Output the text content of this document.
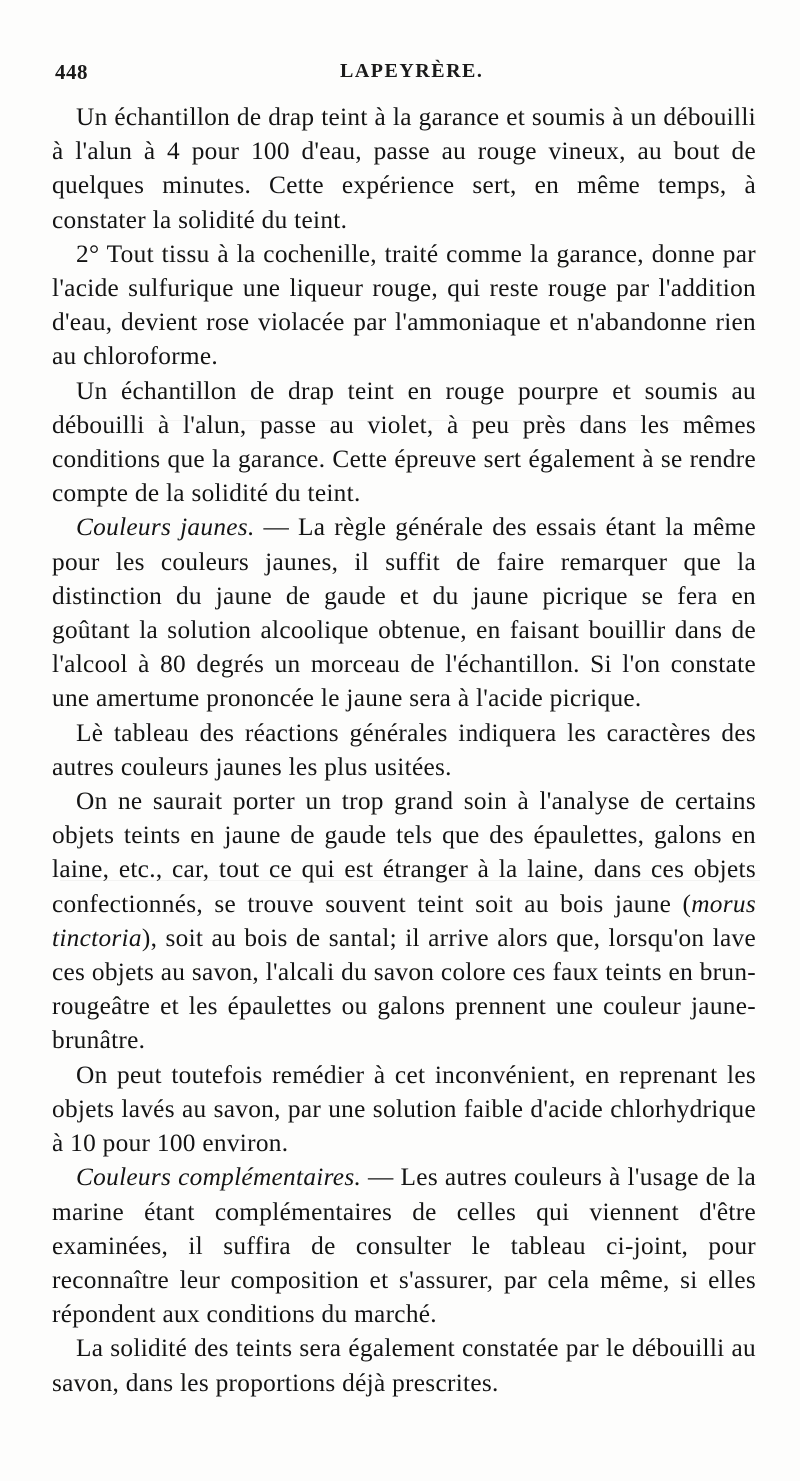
448	LAPEYRÈRE.

Un échantillon de drap teint à la garance et soumis à un débouilli à l'alun à 4 pour 100 d'eau, passe au rouge vineux, au bout de quelques minutes. Cette expérience sert, en même temps, à constater la solidité du teint.

2° Tout tissu à la cochenille, traité comme la garance, donne par l'acide sulfurique une liqueur rouge, qui reste rouge par l'addition d'eau, devient rose violacée par l'ammoniaque et n'abandonne rien au chloroforme.

Un échantillon de drap teint en rouge pourpre et soumis au débouilli à l'alun, passe au violet, à peu près dans les mêmes conditions que la garance. Cette épreuve sert également à se rendre compte de la solidité du teint.

Couleurs jaunes. — La règle générale des essais étant la même pour les couleurs jaunes, il suffit de faire remarquer que la distinction du jaune de gaude et du jaune picrique se fera en goûtant la solution alcoolique obtenue, en faisant bouillir dans de l'alcool à 80 degrés un morceau de l'échantillon. Si l'on constate une amertume prononcée le jaune sera à l'acide picrique.

Lè tableau des réactions générales indiquera les caractères des autres couleurs jaunes les plus usitées.

On ne saurait porter un trop grand soin à l'analyse de certains objets teints en jaune de gaude tels que des épaulettes, galons en laine, etc., car, tout ce qui est étranger à la laine, dans ces objets confectionnés, se trouve souvent teint soit au bois jaune (morus tinctoria), soit au bois de santal; il arrive alors que, lorsqu'on lave ces objets au savon, l'alcali du savon colore ces faux teints en brun-rougeâtre et les épaulettes ou galons prennent une couleur jaune-brunâtre.

On peut toutefois remédier à cet inconvénient, en reprenant les objets lavés au savon, par une solution faible d'acide chlorhydrique à 10 pour 100 environ.

Couleurs complémentaires. — Les autres couleurs à l'usage de la marine étant complémentaires de celles qui viennent d'être examinées, il suffira de consulter le tableau ci-joint, pour reconnaître leur composition et s'assurer, par cela même, si elles répondent aux conditions du marché.

La solidité des teints sera également constatée par le débouilli au savon, dans les proportions déjà prescrites.
